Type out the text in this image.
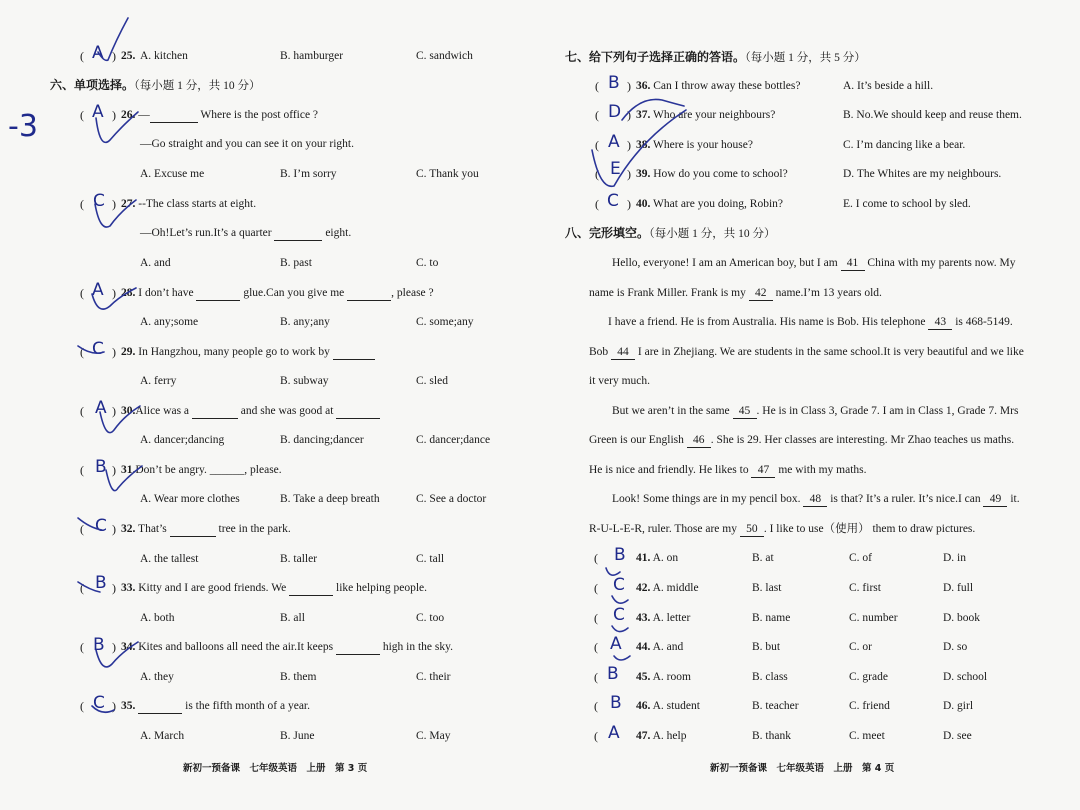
( )
A 25. A. kitchen	B. hamburger	C. sandwich
六、单项选择。（每小题 1 分，共 10 分）
-3	( )
A 26. —	Where is the post office ?
—Go straight and you can see it on your right.
A. Excuse me	B. I’m sorry	C. Thank you
( )
C 27. --The class starts at eight.
—Oh!Let’s run.It’s a quarter	eight.
A. and	B. past	C. to
( )
A 28. I don’t have	glue.Can you give me	, please ?
A. any;some	B. any;any	C. some;any
( )
C 29. In Hangzhou, many people go to work by
A. ferry	B. subway	C. sled
( )
A 30.Alice was a	and she was good at
A. dancer;dancing	B. dancing;dancer	C. dancer;dance
( )
B 31.Don’t be angry. ______, please.
A. Wear more clothes	B. Take a deep breath	C. See a doctor
( )
C 32. That’s	tree in the park.
A. the tallest	B. taller	C. tall
( )
B 33. Kitty and I are good friends. We	like helping people.
A. both	B. all	C. too
( )
B 34. Kites and balloons all need the air.It keeps	high in the sky.
A. they	B. them	C. their
( )
C 35.	is the fifth month of a year.
A. March	B. June	C. May
新初一预备课　七年级英语　上册　第 3 页
七、给下列句子选择正确的答语。（每小题 1 分，共 5 分）
( )
B 36. Can I throw away these bottles?	A. It’s beside a hill.
( )
D 37. Who are your neighbours?	B. No.We should keep and reuse them.
( )
A 38. Where is your house?	C. I’m dancing like a bear.
( )
E 39. How do you come to school?	D. The Whites are my neighbours.
( )
C 40. What are you doing, Robin?	E. I come to school by sled.
八、完形填空。（每小题 1 分，共 10 分）
Hello, everyone! I am an American boy, but I am 41 China with my parents now. My
name is Frank Miller. Frank is my 42 name.I’m 13 years old.
I have a friend. He is from Australia. His name is Bob. His telephone 43 is 468-5149.
Bob 44 I are in Zhejiang. We are students in the same school.It is very beautiful and we like
it very much.
But we aren’t in the same 45 . He is in Class 3, Grade 7. I am in Class 1, Grade 7. Mrs
Green is our English 46 . She is 29. Her classes are interesting. Mr Zhao teaches us maths.
He is nice and friendly. He likes to 47 me with my maths.
Look! Some things are in my pencil box. 48 is that? It’s a ruler. It’s nice.I can 49 it.
R-U-L-E-R, ruler. Those are my 50 . I like to use（使用） them to draw pictures.
( B 41. A. on	B. at	C. of	D. in
( C 42. A. middle	B. last	C. first	D. full
( C 43. A. letter	B. name	C. number	D. book
( A 44. A. and	B. but	C. or	D. so
( B 45. A. room	B. class	C. grade	D. school
( B 46. A. student	B. teacher	C. friend	D. girl
( A 47. A. help	B. thank	C. meet	D. see
新初一预备课　七年级英语　上册　第 4 页
